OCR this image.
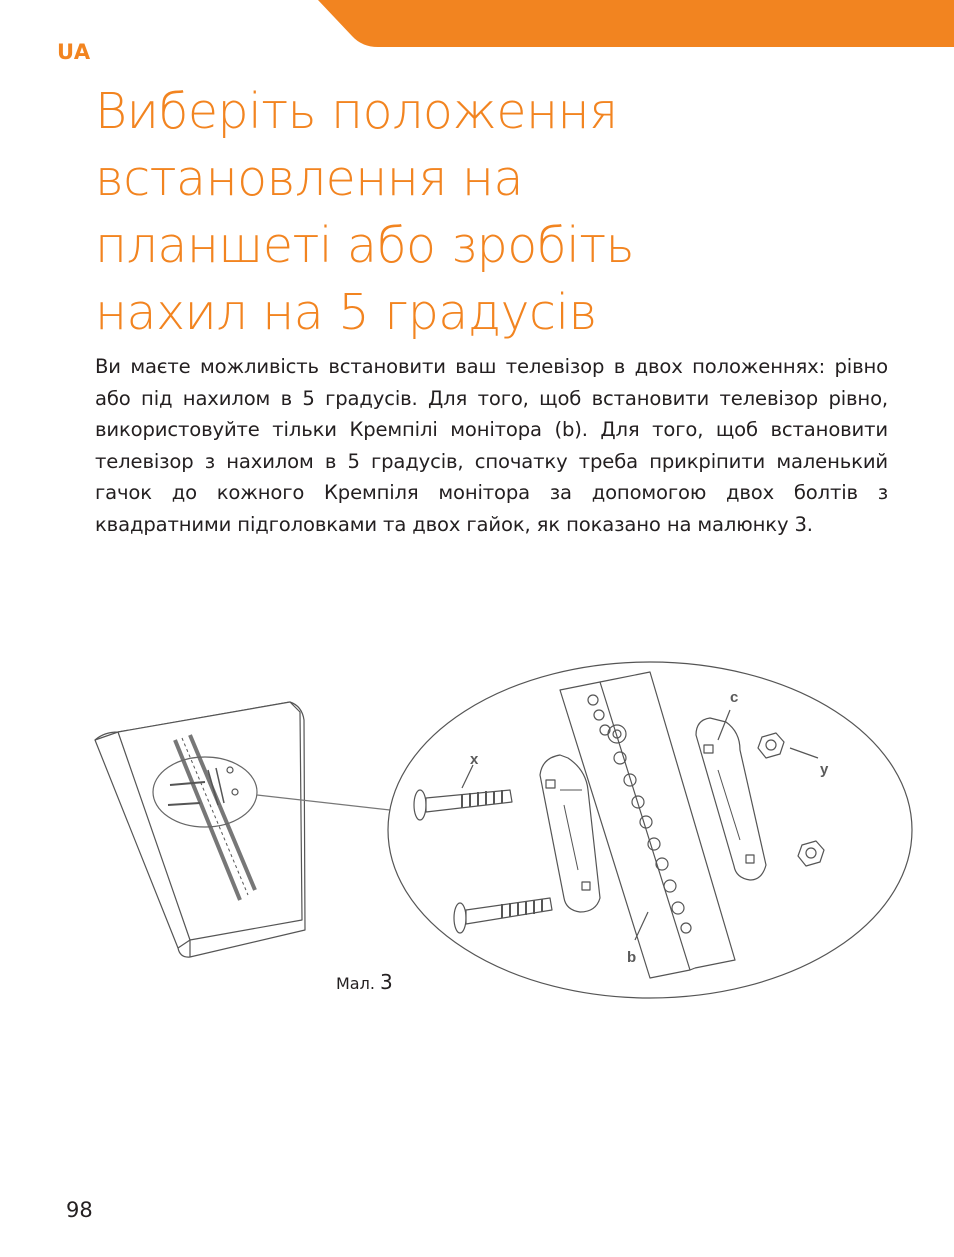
UA
Виберіть положення
встановлення на
планшеті або зробіть
нахил на 5 градусів

Ви маєте можливість встановити ваш телевізор в двох положеннях: рівно або під нахилом в 5 градусів. Для того, щоб встановити телевізор рівно, використовуйте тільки Кремпілі монітора (b). Для того, щоб встановити телевізор з нахилом в 5 градусів, спочатку треба прикріпити маленький гачок до кожного Кремпіля монітора за допомогою двох болтів з квадратними підголовками та двох гайок, як показано на малюнку 3.

x
c
y
b
Мал. 3
98
